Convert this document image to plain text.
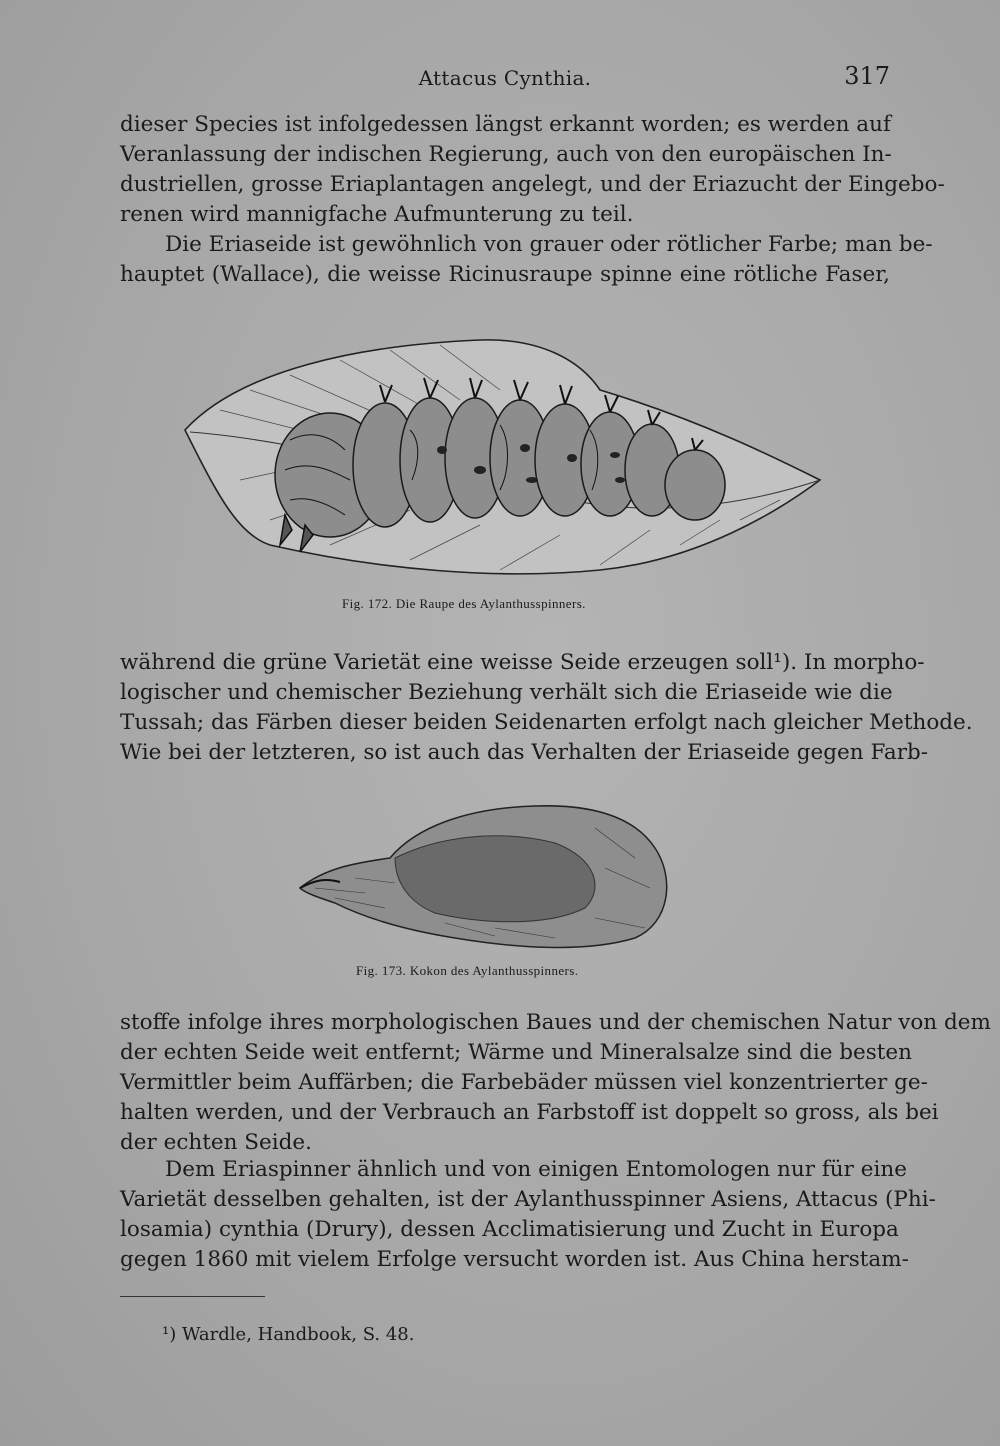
Attacus Cynthia.	317
dieser Species ist infolgedessen längst erkannt worden; es werden auf
Veranlassung der indischen Regierung, auch von den europäischen In-
dustriellen, grosse Eriaplantagen angelegt, und der Eriazucht der Eingebo-
renen wird mannigfache Aufmunterung zu teil.
Die Eriaseide ist gewöhnlich von grauer oder rötlicher Farbe; man be-
hauptet (Wallace), die weisse Ricinusraupe spinne eine rötliche Faser,
Fig. 172. Die Raupe des Aylanthusspinners.
während die grüne Varietät eine weisse Seide erzeugen soll¹). In morpho-
logischer und chemischer Beziehung verhält sich die Eriaseide wie die
Tussah; das Färben dieser beiden Seidenarten erfolgt nach gleicher Methode.
Wie bei der letzteren, so ist auch das Verhalten der Eriaseide gegen Farb-
Fig. 173. Kokon des Aylanthusspinners.
stoffe infolge ihres morphologischen Baues und der chemischen Natur von dem
der echten Seide weit entfernt; Wärme und Mineralsalze sind die besten
Vermittler beim Auffärben; die Farbebäder müssen viel konzentrierter ge-
halten werden, und der Verbrauch an Farbstoff ist doppelt so gross, als bei
der echten Seide.
Dem Eriaspinner ähnlich und von einigen Entomologen nur für eine
Varietät desselben gehalten, ist der Aylanthusspinner Asiens, Attacus (Phi-
losamia) cynthia (Drury), dessen Acclimatisierung und Zucht in Europa
gegen 1860 mit vielem Erfolge versucht worden ist. Aus China herstam-
¹) Wardle, Handbook, S. 48.
